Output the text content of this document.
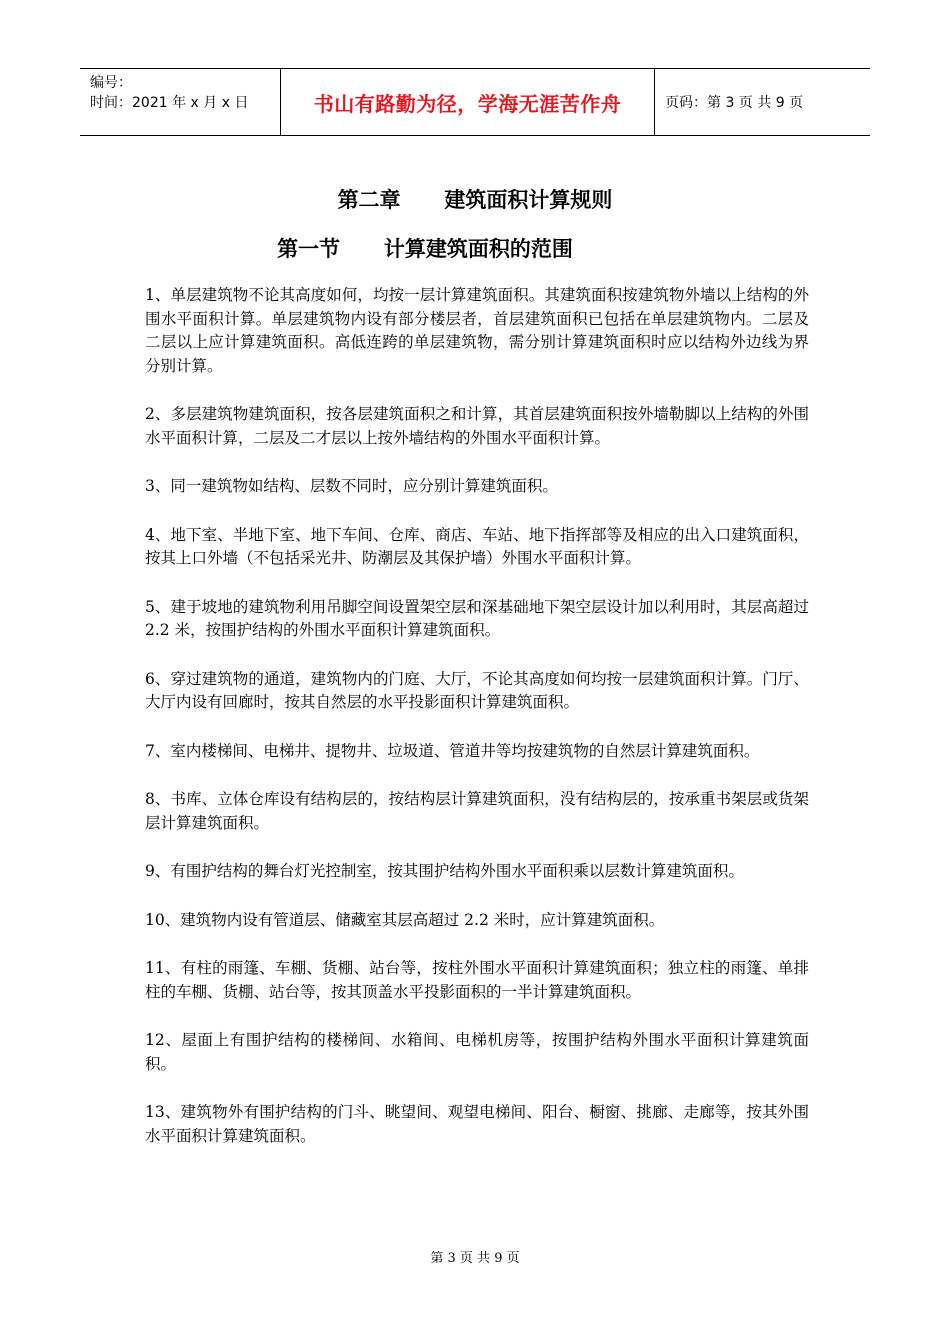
编号：
时间：2021 年 x 月 x 日	书山有路勤为径，学海无涯苦作舟	页码：第 3 页 共 9 页
第二章      建筑面积计算规则
第一节      计算建筑面积的范围

1、单层建筑物不论其高度如何，均按一层计算建筑面积。其建筑面积按建筑物外墙以上结构的外围水平面积计算。单层建筑物内设有部分楼层者，首层建筑面积已包括在单层建筑物内。二层及二层以上应计算建筑面积。高低连跨的单层建筑物，需分别计算建筑面积时应以结构外边线为界分别计算。

2、多层建筑物建筑面积，按各层建筑面积之和计算，其首层建筑面积按外墙勒脚以上结构的外围水平面积计算，二层及二才层以上按外墙结构的外围水平面积计算。

3、同一建筑物如结构、层数不同时，应分别计算建筑面积。

4、地下室、半地下室、地下车间、仓库、商店、车站、地下指挥部等及相应的出入口建筑面积，按其上口外墙（不包括采光井、防潮层及其保护墙）外围水平面积计算。

5、建于坡地的建筑物利用吊脚空间设置架空层和深基础地下架空层设计加以利用时，其层高超过 2.2 米，按围护结构的外围水平面积计算建筑面积。

6、穿过建筑物的通道，建筑物内的门庭、大厅，不论其高度如何均按一层建筑面积计算。门厅、大厅内设有回廊时，按其自然层的水平投影面积计算建筑面积。

7、室内楼梯间、电梯井、提物井、垃圾道、管道井等均按建筑物的自然层计算建筑面积。

8、书库、立体仓库设有结构层的，按结构层计算建筑面积，没有结构层的，按承重书架层或货架层计算建筑面积。

9、有围护结构的舞台灯光控制室，按其围护结构外围水平面积乘以层数计算建筑面积。

10、建筑物内设有管道层、储藏室其层高超过 2.2 米时，应计算建筑面积。

11、有柱的雨篷、车棚、货棚、站台等，按柱外围水平面积计算建筑面积；独立柱的雨篷、单排柱的车棚、货棚、站台等，按其顶盖水平投影面积的一半计算建筑面积。

12、屋面上有围护结构的楼梯间、水箱间、电梯机房等，按围护结构外围水平面积计算建筑面积。

13、建筑物外有围护结构的门斗、眺望间、观望电梯间、阳台、橱窗、挑廊、走廊等，按其外围水平面积计算建筑面积。

第 3 页 共 9 页
